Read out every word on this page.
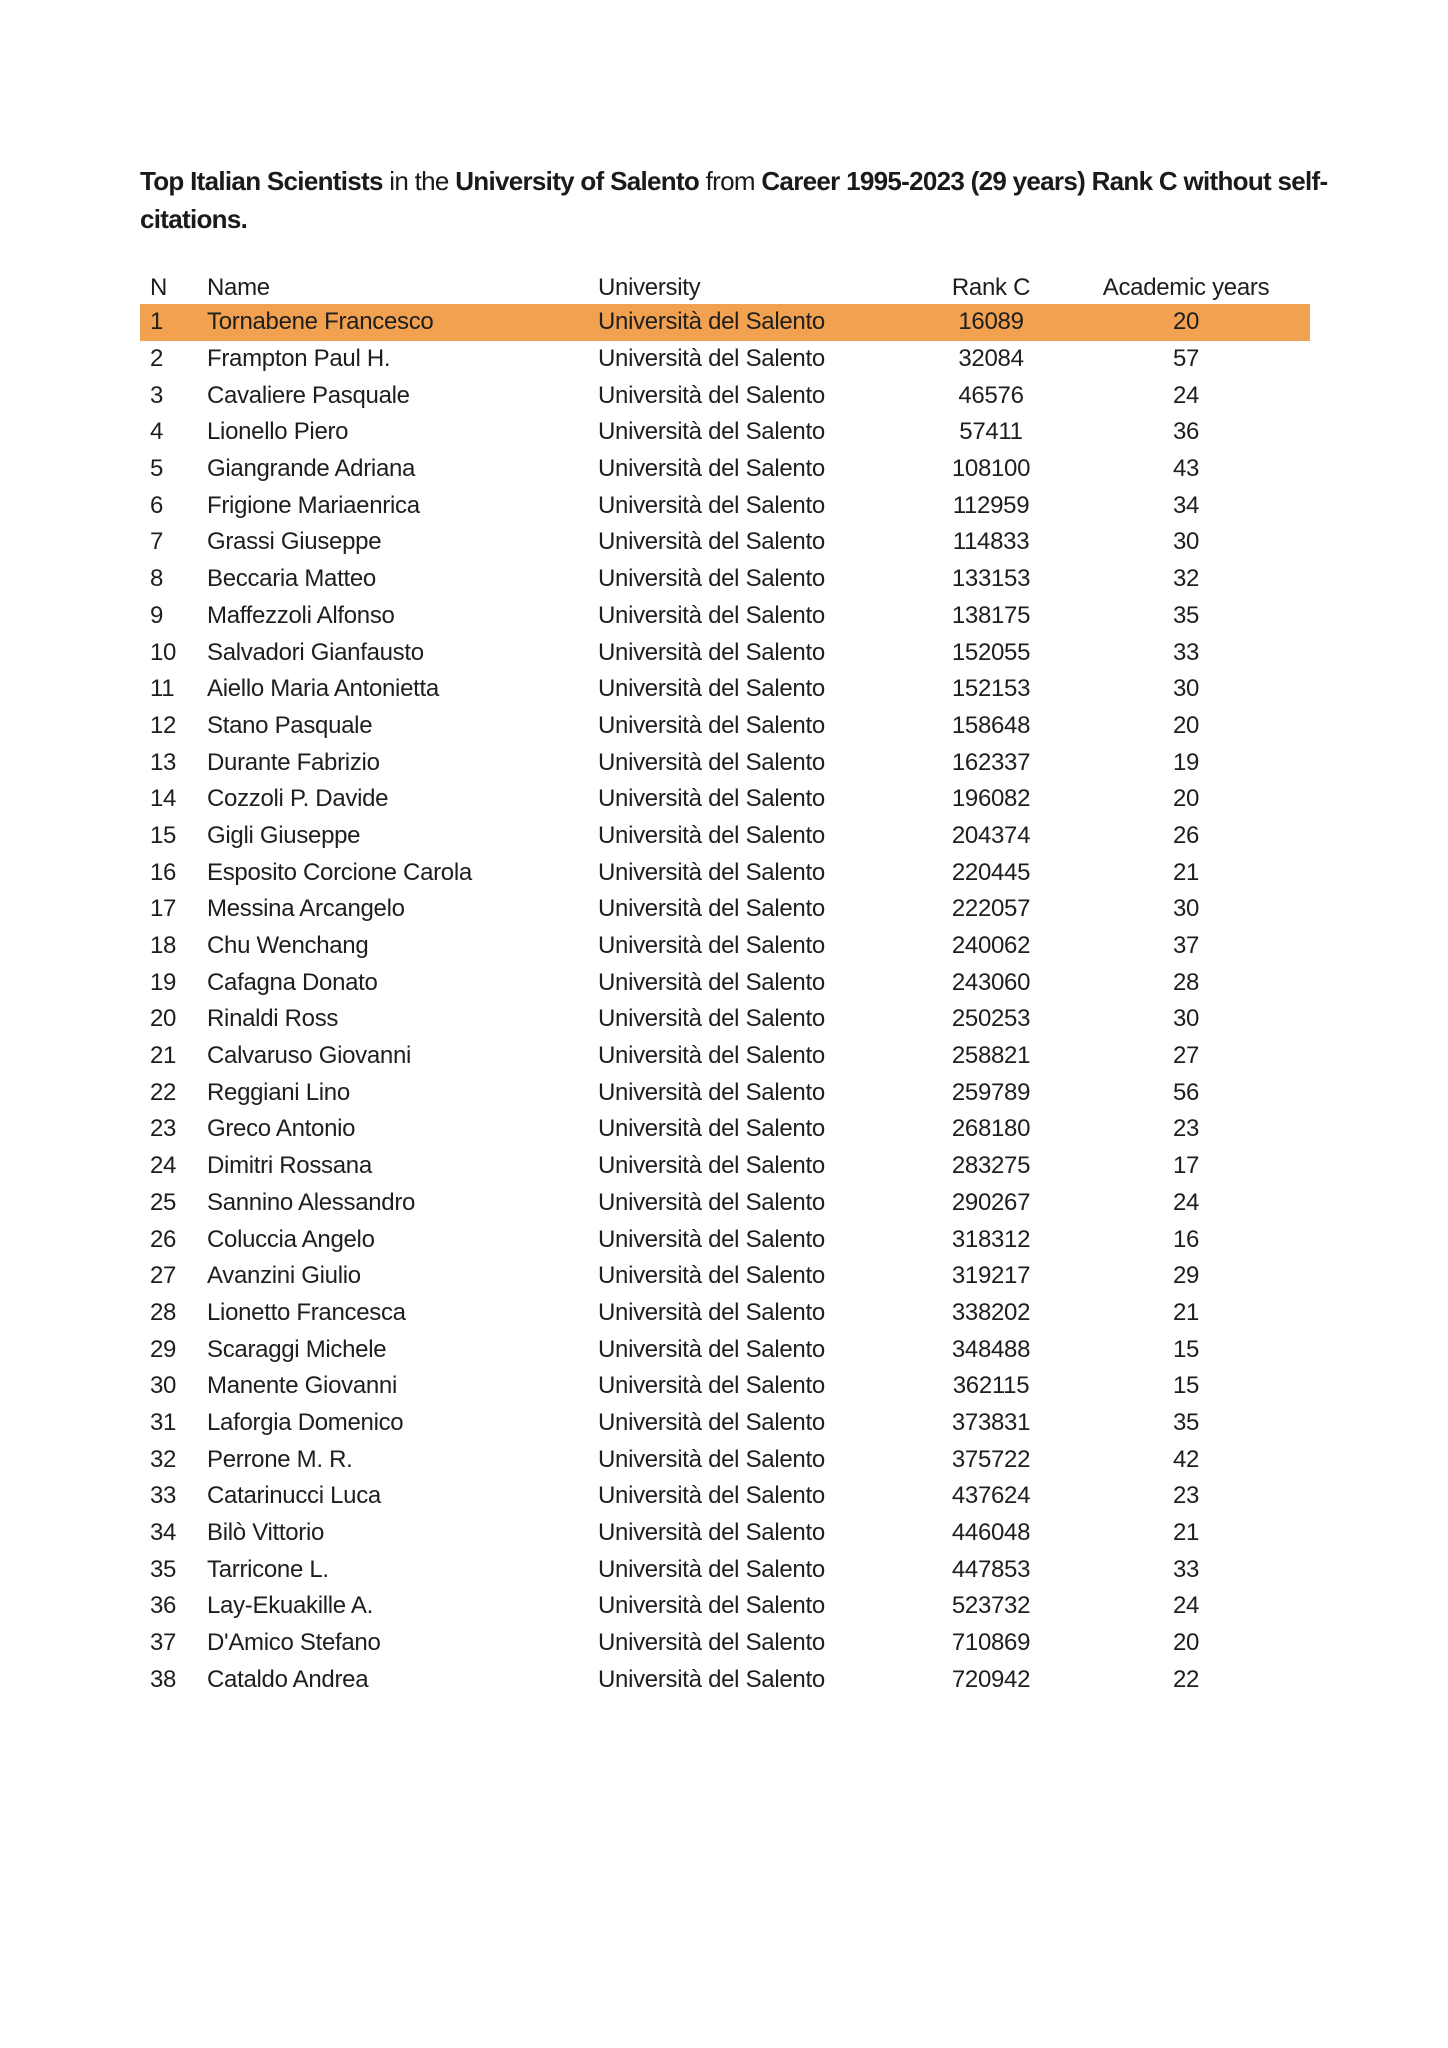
Top Italian Scientists in the University of Salento from Career 1995-2023 (29 years) Rank C without self-
citations.
N	Name	University	Rank C	Academic years
1	Tornabene Francesco	Università del Salento	16089	20
2	Frampton Paul H.	Università del Salento	32084	57
3	Cavaliere Pasquale	Università del Salento	46576	24
4	Lionello Piero	Università del Salento	57411	36
5	Giangrande Adriana	Università del Salento	108100	43
6	Frigione Mariaenrica	Università del Salento	112959	34
7	Grassi Giuseppe	Università del Salento	114833	30
8	Beccaria Matteo	Università del Salento	133153	32
9	Maffezzoli Alfonso	Università del Salento	138175	35
10	Salvadori Gianfausto	Università del Salento	152055	33
11	Aiello Maria Antonietta	Università del Salento	152153	30
12	Stano Pasquale	Università del Salento	158648	20
13	Durante Fabrizio	Università del Salento	162337	19
14	Cozzoli P. Davide	Università del Salento	196082	20
15	Gigli Giuseppe	Università del Salento	204374	26
16	Esposito Corcione Carola	Università del Salento	220445	21
17	Messina Arcangelo	Università del Salento	222057	30
18	Chu Wenchang	Università del Salento	240062	37
19	Cafagna Donato	Università del Salento	243060	28
20	Rinaldi Ross	Università del Salento	250253	30
21	Calvaruso Giovanni	Università del Salento	258821	27
22	Reggiani Lino	Università del Salento	259789	56
23	Greco Antonio	Università del Salento	268180	23
24	Dimitri Rossana	Università del Salento	283275	17
25	Sannino Alessandro	Università del Salento	290267	24
26	Coluccia Angelo	Università del Salento	318312	16
27	Avanzini Giulio	Università del Salento	319217	29
28	Lionetto Francesca	Università del Salento	338202	21
29	Scaraggi Michele	Università del Salento	348488	15
30	Manente Giovanni	Università del Salento	362115	15
31	Laforgia Domenico	Università del Salento	373831	35
32	Perrone M. R.	Università del Salento	375722	42
33	Catarinucci Luca	Università del Salento	437624	23
34	Bilò Vittorio	Università del Salento	446048	21
35	Tarricone L.	Università del Salento	447853	33
36	Lay-Ekuakille A.	Università del Salento	523732	24
37	D'Amico Stefano	Università del Salento	710869	20
38	Cataldo Andrea	Università del Salento	720942	22
